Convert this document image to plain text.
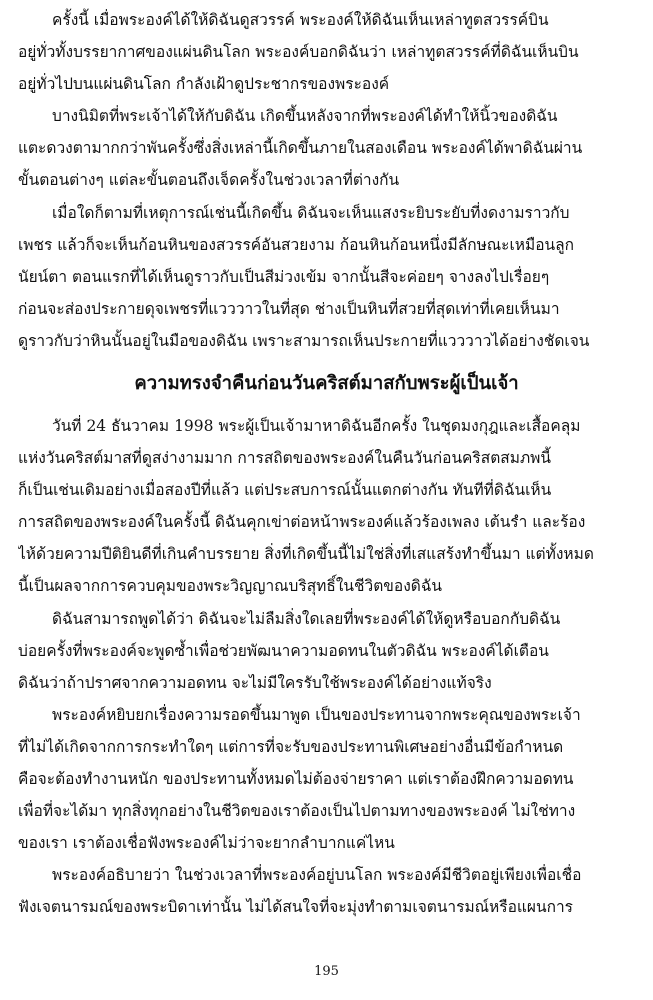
ครั้งนี้ เมื่อพระองค์ได้ให้ดิฉันดูสวรรค์ พระองค์ให้ดิฉันเห็นเหล่าทูตสวรรค์บิน
อยู่ทั่วทั้งบรรยากาศของแผ่นดินโลก พระองค์บอกดิฉันว่า เหล่าทูตสวรรค์ที่ดิฉันเห็นบิน
อยู่ทั่วไปบนแผ่นดินโลก กำลังเฝ้าดูประชากรของพระองค์

บางนิมิตที่พระเจ้าได้ให้กับดิฉัน เกิดขึ้นหลังจากที่พระองค์ได้ทำให้นิ้วของดิฉัน
แตะดวงตามากกว่าพันครั้งซึ่งสิ่งเหล่านี้เกิดขึ้นภายในสองเดือน พระองค์ได้พาดิฉันผ่าน
ขั้นตอนต่างๆ แต่ละขั้นตอนถึงเจ็ดครั้งในช่วงเวลาที่ต่างกัน

เมื่อใดก็ตามที่เหตุการณ์เช่นนี้เกิดขึ้น ดิฉันจะเห็นแสงระยิบระยับที่งดงามราวกับ
เพชร แล้วก็จะเห็นก้อนหินของสวรรค์อันสวยงาม ก้อนหินก้อนหนึ่งมีลักษณะเหมือนลูก
นัยน์ตา ตอนแรกที่ได้เห็นดูราวกับเป็นสีม่วงเข้ม จากนั้นสีจะค่อยๆ จางลงไปเรื่อยๆ
ก่อนจะส่องประกายดุจเพชรที่แวววาวในที่สุด ช่างเป็นหินที่สวยที่สุดเท่าที่เคยเห็นมา
ดูราวกับว่าหินนั้นอยู่ในมือของดิฉัน เพราะสามารถเห็นประกายที่แวววาวได้อย่างชัดเจน

ความทรงจำคืนก่อนวันคริสต์มาสกับพระผู้เป็นเจ้า

วันที่ 24 ธันวาคม 1998 พระผู้เป็นเจ้ามาหาดิฉันอีกครั้ง ในชุดมงกุฎและเสื้อคลุม
แห่งวันคริสต์มาสที่ดูสง่างามมาก การสถิตของพระองค์ในคืนวันก่อนคริสตสมภพนี้
ก็เป็นเช่นเดิมอย่างเมื่อสองปีที่แล้ว แต่ประสบการณ์นั้นแตกต่างกัน ทันทีที่ดิฉันเห็น
การสถิตของพระองค์ในครั้งนี้ ดิฉันคุกเข่าต่อหน้าพระองค์แล้วร้องเพลง เต้นรำ และร้อง
ไห้ด้วยความปีติยินดีที่เกินคำบรรยาย สิ่งที่เกิดขึ้นนี้ไม่ใช่สิ่งที่เสแสร้งทำขึ้นมา แต่ทั้งหมด
นี้เป็นผลจากการควบคุมของพระวิญญาณบริสุทธิ์ในชีวิตของดิฉัน

ดิฉันสามารถพูดได้ว่า ดิฉันจะไม่ลืมสิ่งใดเลยที่พระองค์ได้ให้ดูหรือบอกกับดิฉัน
บ่อยครั้งที่พระองค์จะพูดซ้ำเพื่อช่วยพัฒนาความอดทนในตัวดิฉัน พระองค์ได้เตือน
ดิฉันว่าถ้าปราศจากความอดทน จะไม่มีใครรับใช้พระองค์ได้อย่างแท้จริง

พระองค์หยิบยกเรื่องความรอดขึ้นมาพูด เป็นของประทานจากพระคุณของพระเจ้า
ที่ไม่ได้เกิดจากการกระทำใดๆ แต่การที่จะรับของประทานพิเศษอย่างอื่นมีข้อกำหนด
คือจะต้องทำงานหนัก ของประทานทั้งหมดไม่ต้องจ่ายราคา แต่เราต้องฝึกความอดทน
เพื่อที่จะได้มา ทุกสิ่งทุกอย่างในชีวิตของเราต้องเป็นไปตามทางของพระองค์ ไม่ใช่ทาง
ของเรา เราต้องเชื่อฟังพระองค์ไม่ว่าจะยากลำบากแค่ไหน

พระองค์อธิบายว่า ในช่วงเวลาที่พระองค์อยู่บนโลก พระองค์มีชีวิตอยู่เพียงเพื่อเชื่อ
ฟังเจตนารมณ์ของพระบิดาเท่านั้น ไม่ได้สนใจที่จะมุ่งทำตามเจตนารมณ์หรือแผนการ

195
